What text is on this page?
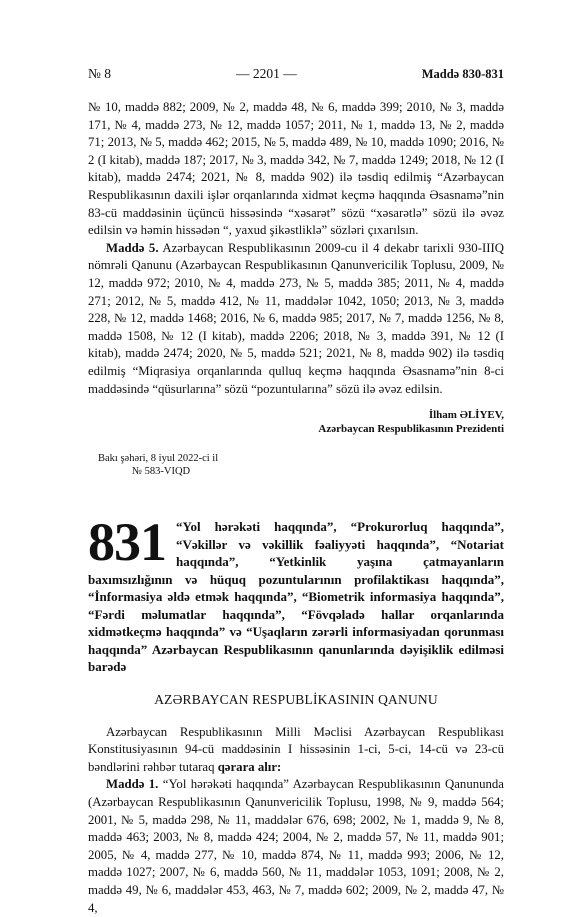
№ 8	— 2201 —	Maddə 830-831

№ 10, maddə 882; 2009, № 2, maddə 48, № 6, maddə 399; 2010, № 3, maddə 171, № 4, maddə 273, № 12, maddə 1057; 2011, № 1, maddə 13, № 2, maddə 71; 2013, № 5, maddə 462; 2015, № 5, maddə 489, № 10, maddə 1090; 2016, № 2 (I kitab), maddə 187; 2017, № 3, maddə 342, № 7, maddə 1249; 2018, № 12 (I kitab), maddə 2474; 2021, № 8, maddə 902) ilə təsdiq edilmiş “Azərbaycan Respublikasının daxili işlər orqanlarında xidmət keçmə haqqında Əsasnamə”nin 83-cü maddəsinin üçüncü hissəsində “xəsarət” sözü “xəsarətlə” sözü ilə əvəz edilsin və həmin hissədən “, yaxud şikəstliklə” sözləri çıxarılsın.

Maddə 5. Azərbaycan Respublikasının 2009-cu il 4 dekabr tarixli 930-IIIQ nömrəli Qanunu (Azərbaycan Respublikasının Qanunvericilik Toplusu, 2009, № 12, maddə 972; 2010, № 4, maddə 273, № 5, maddə 385; 2011, № 4, maddə 271; 2012, № 5, maddə 412, № 11, maddələr 1042, 1050; 2013, № 3, maddə 228, № 12, maddə 1468; 2016, № 6, maddə 985; 2017, № 7, maddə 1256, № 8, maddə 1508, № 12 (I kitab), maddə 2206; 2018, № 3, maddə 391, № 12 (I kitab), maddə 2474; 2020, № 5, maddə 521; 2021, № 8, maddə 902) ilə təsdiq edilmiş “Miqrasiya orqanlarında qulluq keçmə haqqında Əsasnamə”nin 8-ci maddəsində “qüsurlarına” sözü “pozuntularına” sözü ilə əvəz edilsin.

İlham ƏLİYEV,
Azərbaycan Respublikasının Prezidenti
Bakı şəhəri, 8 iyul 2022-ci il
№ 583-VIQD
831 “Yol hərəkəti haqqında”, “Prokurorluq haqqında”, “Vəkillər və vəkillik fəaliyyəti haqqında”, “Notariat haqqında”, “Yetkinlik yaşına çatmayanların baxımsızlığının və hüquq pozuntularının profilaktikası haqqında”, “İnformasiya əldə etmək haqqında”, “Biometrik informasiya haqqında”, “Fərdi məlumatlar haqqında”, “Fövqəladə hallar orqanlarında xidmətkeçmə haqqında” və “Uşaqların zərərli informasiyadan qorunması haqqında” Azərbaycan Respublikasının qanunlarında dəyişiklik edilməsi barədə
AZƏRBAYCAN RESPUBLİKASININ QANUNU

Azərbaycan Respublikasının Milli Məclisi Azərbaycan Respublikası Konstitusiyasının 94-cü maddəsinin I hissəsinin 1-ci, 5-ci, 14-cü və 23-cü bəndlərini rəhbər tutaraq qərara alır:

Maddə 1. “Yol hərəkəti haqqında” Azərbaycan Respublikasının Qanununda (Azərbaycan Respublikasının Qanunvericilik Toplusu, 1998, № 9, maddə 564; 2001, № 5, maddə 298, № 11, maddələr 676, 698; 2002, № 1, maddə 9, № 8, maddə 463; 2003, № 8, maddə 424; 2004, № 2, maddə 57, № 11, maddə 901; 2005, № 4, maddə 277, № 10, maddə 874, № 11, maddə 993; 2006, № 12, maddə 1027; 2007, № 6, maddə 560, № 11, maddələr 1053, 1091; 2008, № 2, maddə 49, № 6, maddələr 453, 463, № 7, maddə 602; 2009, № 2, maddə 47, № 4,
